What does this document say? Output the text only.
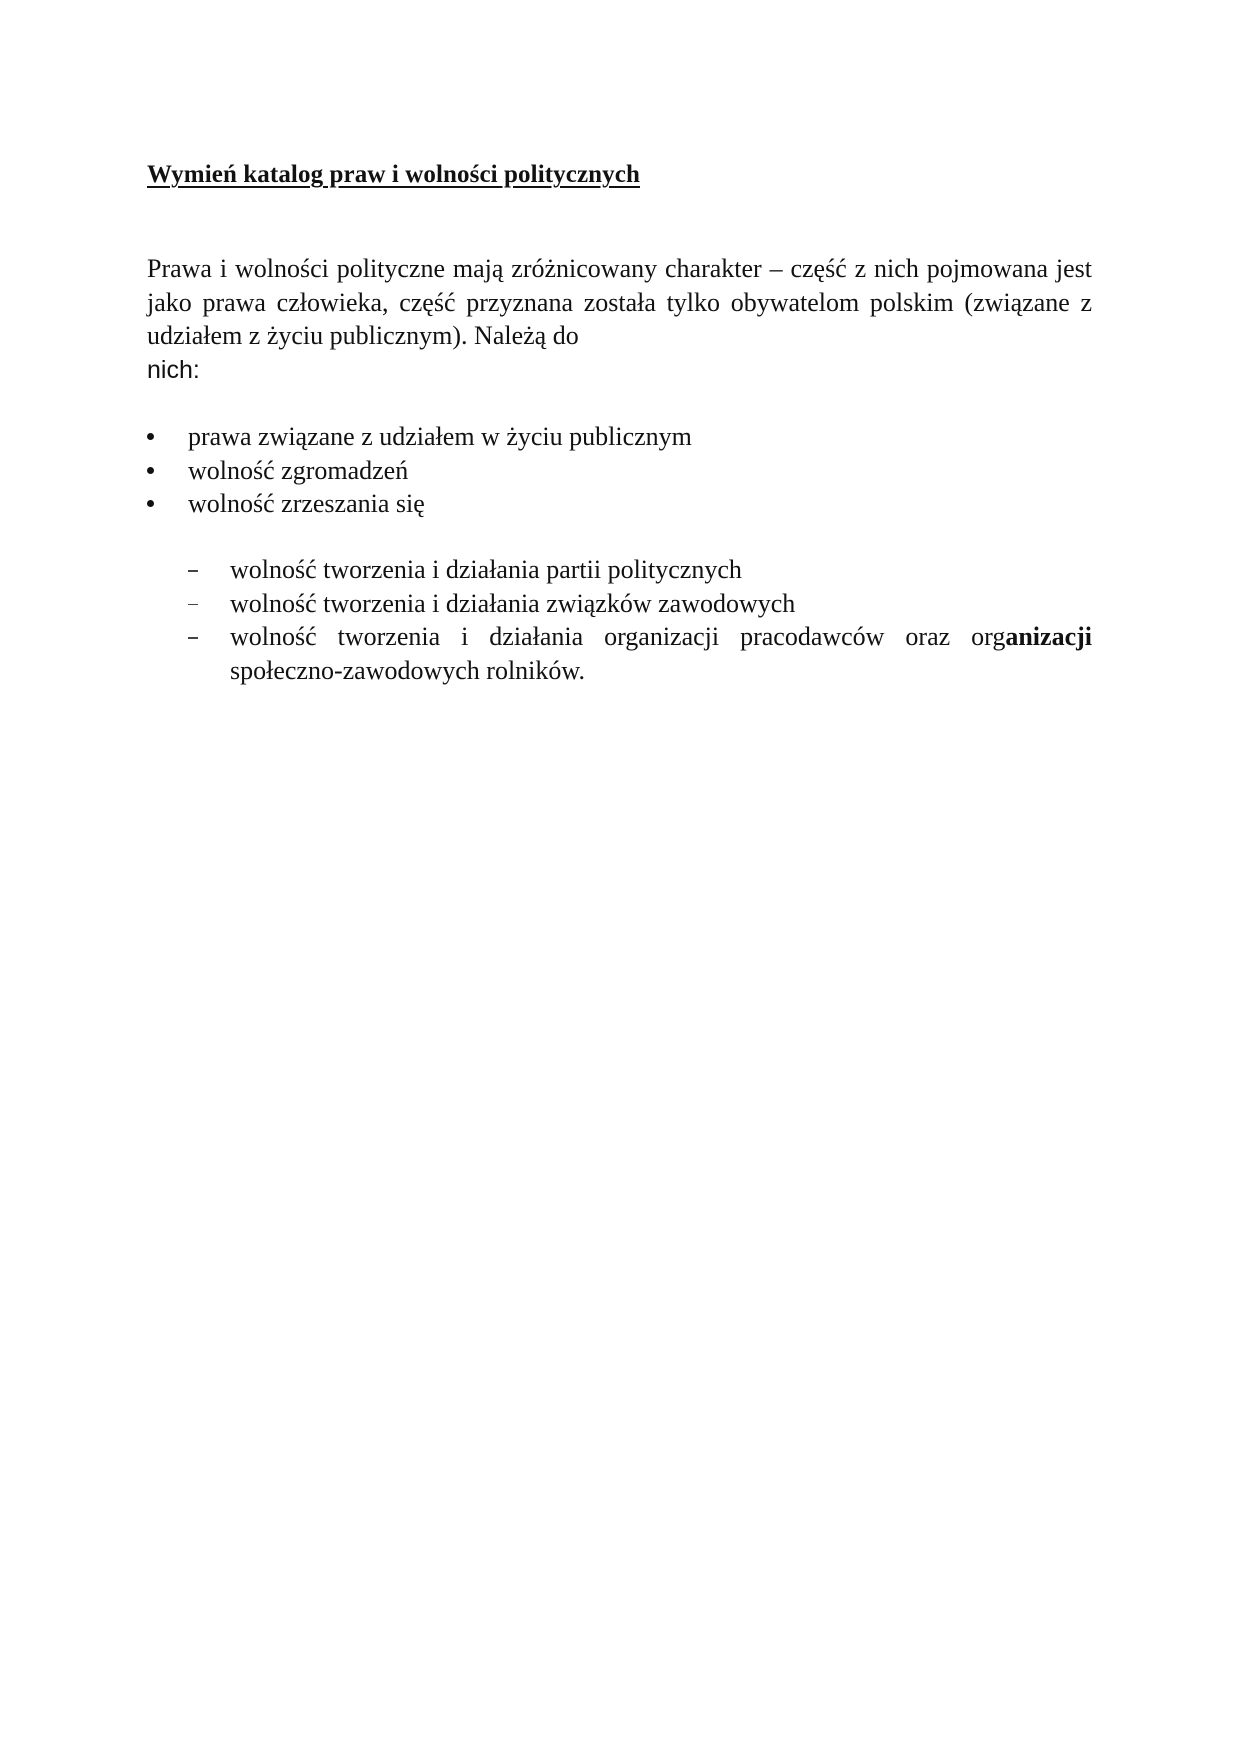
Wymień katalog praw i wolności politycznych

Prawa i wolności polityczne mają zróżnicowany charakter – część z nich pojmowana jest jako prawa człowieka, część przyznana została tylko obywatelom polskim (związane z udziałem z życiu publicznym). Należą do
nich:

prawa związane z udziałem w życiu publicznym
wolność zgromadzeń
wolność zrzeszania się
wolność tworzenia i działania partii politycznych
wolność tworzenia i działania związków zawodowych
wolność tworzenia i działania organizacji pracodawców oraz organizacji społeczno-zawodowych rolników.
